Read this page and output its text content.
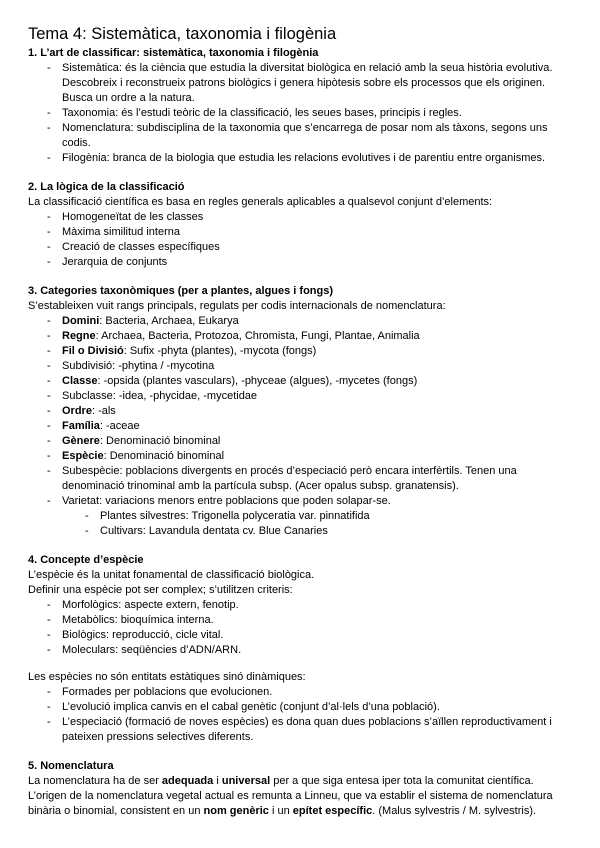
Tema 4: Sistemàtica, taxonomia i filogènia
1. L’art de classificar: sistemàtica, taxonomia i filogènia
- Sistemàtica: és la ciència que estudia la diversitat biològica en relació amb la seua història evolutiva. Descobreix i reconstrueix patrons biològics i genera hipòtesis sobre els processos que els originen. Busca un ordre a la natura.
- Taxonomia: és l’estudi teòric de la classificació, les seues bases, principis i regles.
- Nomenclatura: subdisciplina de la taxonomia que s’encarrega de posar nom als tàxons, segons uns codis.
- Filogènia: branca de la biologia que estudia les relacions evolutives i de parentiu entre organismes.
2. La lògica de la classificació
La classificació científica es basa en regles generals aplicables a qualsevol conjunt d’elements:
- Homogeneïtat de les classes
- Màxima similitud interna
- Creació de classes específiques
- Jerarquia de conjunts
3. Categories taxonòmiques (per a plantes, algues i fongs)
S’estableixen vuit rangs principals, regulats per codis internacionals de nomenclatura:
- Domini: Bacteria, Archaea, Eukarya
- Regne: Archaea, Bacteria, Protozoa, Chromista, Fungi, Plantae, Animalia
- Fil o Divisió: Sufix -phyta (plantes), -mycota (fongs)
- Subdivisió: -phytina / -mycotina
- Classe: -opsida (plantes vasculars), -phyceae (algues), -mycetes (fongs)
- Subclasse: -idea, -phycidae, -mycetidae
- Ordre: -als
- Família: -aceae
- Gènere: Denominació binominal
- Espècie: Denominació binominal
- Subespècie: poblacions divergents en procés d’especiació però encara interfèrtils. Tenen una denominació trinominal amb la partícula subsp. (Acer opalus subsp. granatensis).
- Varietat: variacions menors entre poblacions que poden solapar-se.
- Plantes silvestres: Trigonella polyceratia var. pinnatifida
- Cultivars: Lavandula dentata cv. Blue Canaries
4. Concepte d’espècie
L’espècie és la unitat fonamental de classificació biològica.
Definir una espècie pot ser complex; s’utilitzen criteris:
- Morfològics: aspecte extern, fenotip.
- Metabòlics: bioquímica interna.
- Biològics: reproducció, cicle vital.
- Moleculars: seqüències d’ADN/ARN.
Les espècies no són entitats estàtiques sinó dinàmiques:
- Formades per poblacions que evolucionen.
- L’evolució implica canvis en el cabal genètic (conjunt d’al·lels d’una població).
- L’especiació (formació de noves espècies) es dona quan dues poblacions s’aïllen reproductivament i pateixen pressions selectives diferents.
5. Nomenclatura
La nomenclatura ha de ser adequada i universal per a que siga entesa iper tota la comunitat científica.
L’origen de la nomenclatura vegetal actual es remunta a Linneu, que va establir el sistema de nomenclatura binària o binomial, consistent en un nom genèric i un epítet específic. (Malus sylvestris / M. sylvestris).
